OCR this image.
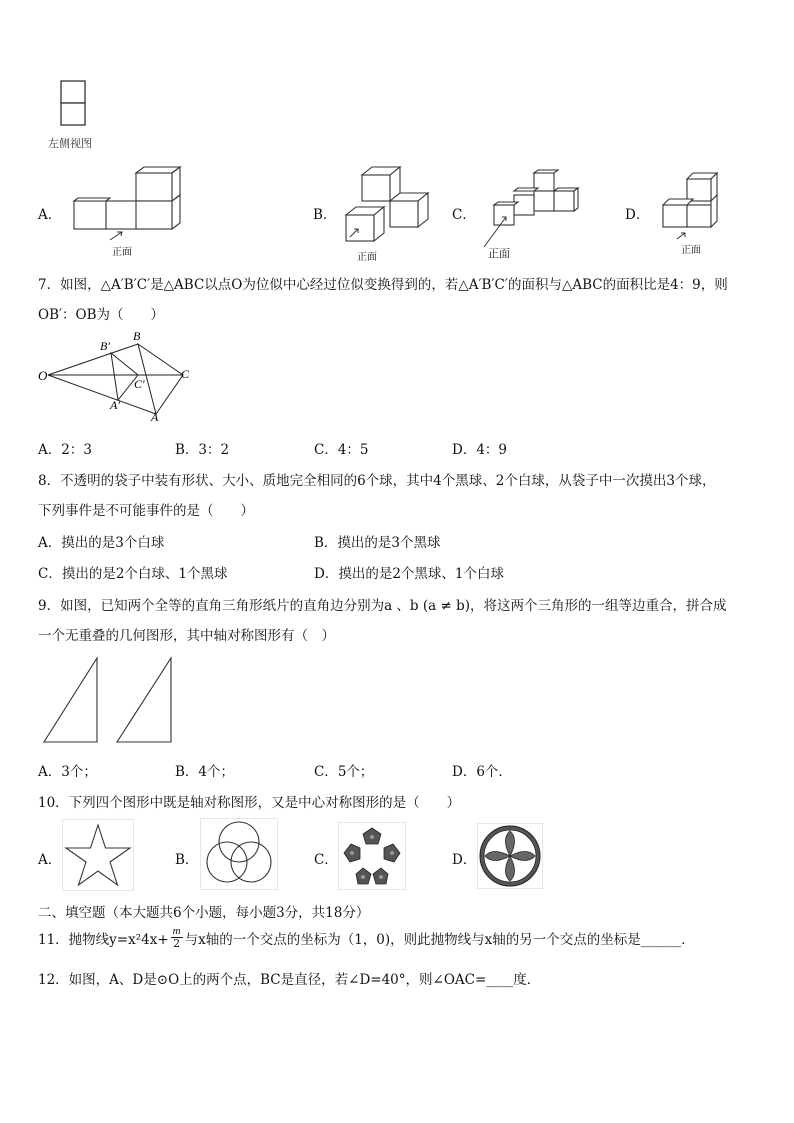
左侧视图
A．
正面
B．
正面
C．
正面
D．
正面
7．如图，△A′B′C′是△ABC以点O为位似中心经过位似变换得到的，若△A′B′C′的面积与△ABC的面积比是4：9，则
OB′：OB为（　　）
O
B′
B
C
C′
A′
A
A．2：3	B．3：2	C．4：5	D．4：9
8．不透明的袋子中装有形状、大小、质地完全相同的6个球，其中4个黑球、2个白球，从袋子中一次摸出3个球，
下列事件是不可能事件的是（　　）
A．摸出的是3个白球	B．摸出的是3个黑球
C．摸出的是2个白球、1个黑球	D．摸出的是2个黑球、1个白球
9．如图，已知两个全等的直角三角形纸片的直角边分别为a 、b (a ≠ b)，将这两个三角形的一组等边重合，拼合成
一个无重叠的几何图形，其中轴对称图形有（　）
A．3个；	B．4个；	C．5个；	D．6个．
10．下列四个图形中既是轴对称图形，又是中心对称图形的是（　　）
A．	B．	C．	D．
二、填空题（本大题共6个小题，每小题3分，共18分）
11．抛物线$y=x^24x+ \frac{m}{2}$ 与x轴的一个交点的坐标为（1，0)，则此抛物线与x轴的另一个交点的坐标是______．
12．如图，A、D是⊙O上的两个点，BC是直径，若∠D=40°，则∠OAC=____度．
